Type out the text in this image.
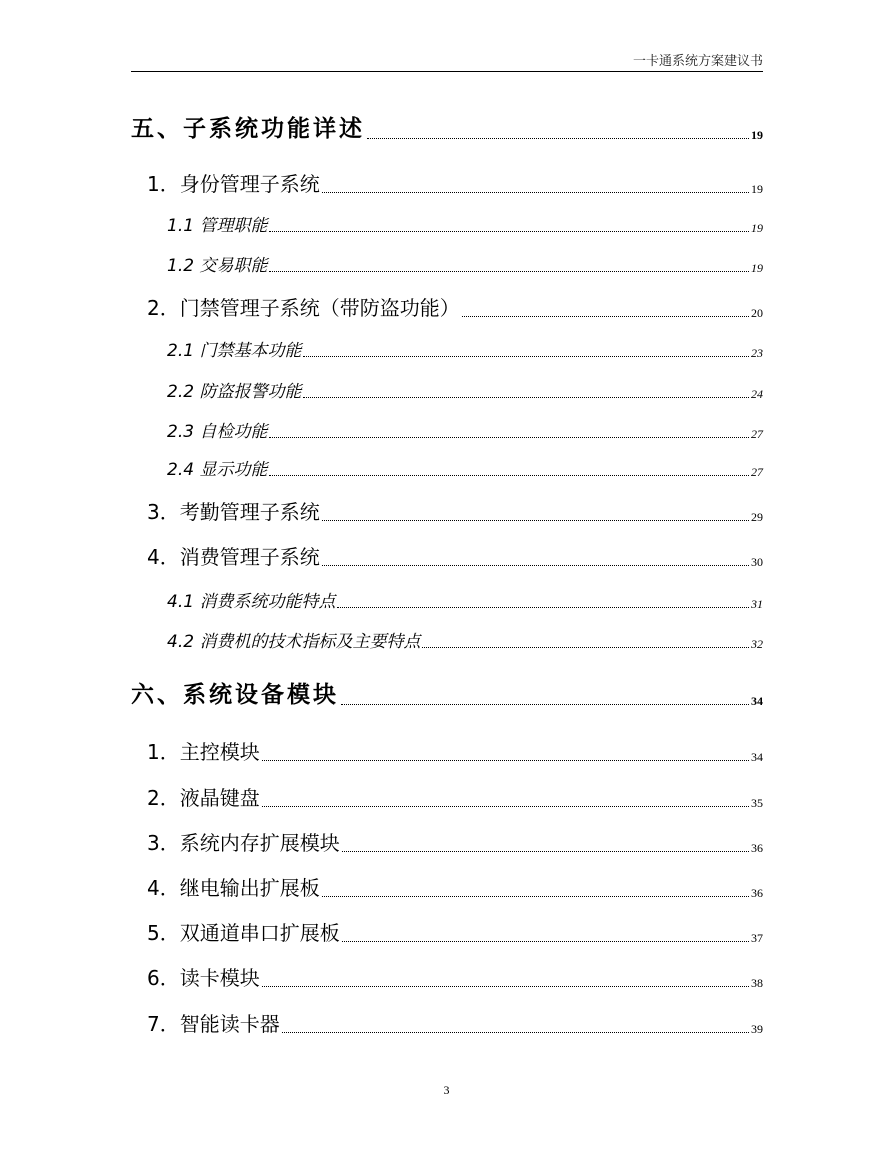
一卡通系统方案建议书
五、子系统功能详述	19
1．身份管理子系统	19
1.1 管理职能	19
1.2 交易职能	19
2．门禁管理子系统（带防盗功能）	20
2.1 门禁基本功能	23
2.2 防盗报警功能	24
2.3 自检功能	27
2.4 显示功能	27
3．考勤管理子系统	29
4．消费管理子系统	30
4.1 消费系统功能特点	31
4.2 消费机的技术指标及主要特点	32
六、系统设备模块	34
1．主控模块	34
2．液晶键盘	35
3．系统内存扩展模块	36
4．继电输出扩展板	36
5．双通道串口扩展板	37
6．读卡模块	38
7．智能读卡器	39
3
